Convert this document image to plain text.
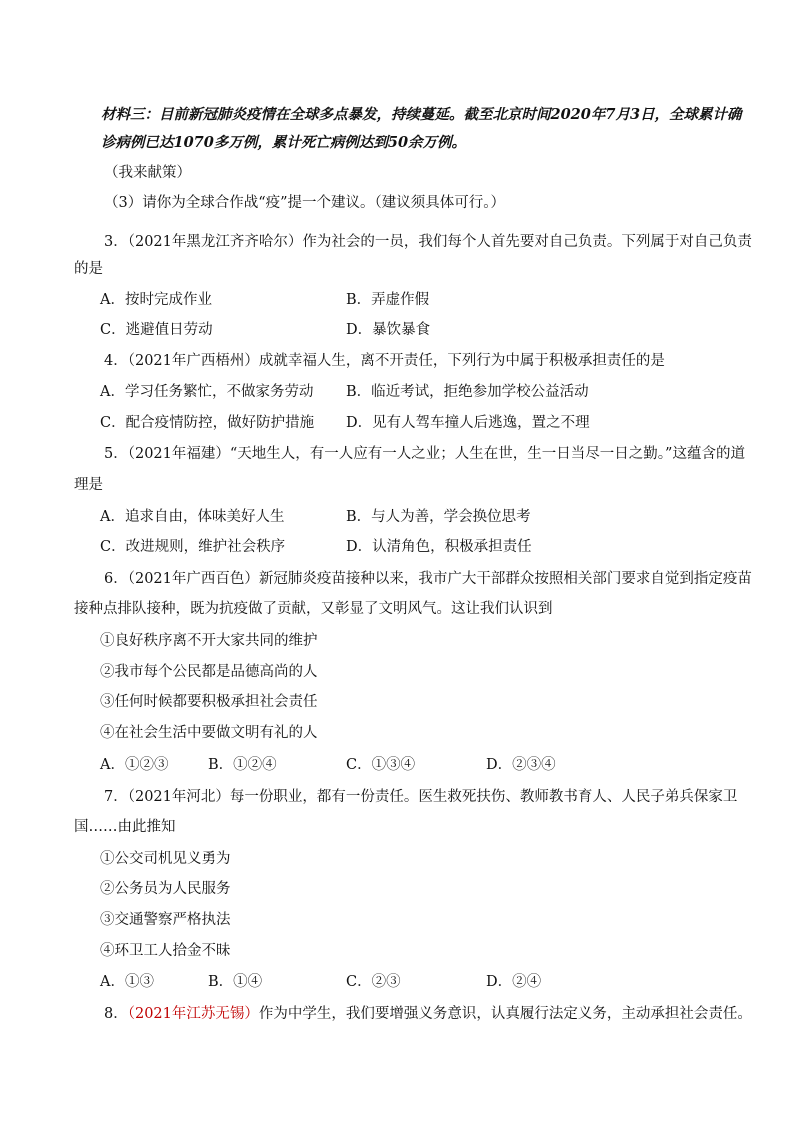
材料三：目前新冠肺炎疫情在全球多点暴发，持续蔓延。截至北京时间2020年7月3日，全球累计确
诊病例已达1070多万例，累计死亡病例达到50余万例。
（我来献策）
（3）请你为全球合作战“疫”提一个建议。（建议须具体可行。）
3．（2021年黑龙江齐齐哈尔）作为社会的一员，我们每个人首先要对自己负责。下列属于对自己负责
的是
A．按时完成作业	B．弄虚作假
C．逃避值日劳动	D．暴饮暴食
4．（2021年广西梧州）成就幸福人生，离不开责任，下列行为中属于积极承担责任的是
A．学习任务繁忙，不做家务劳动 B．临近考试，拒绝参加学校公益活动
C．配合疫情防控，做好防护措施 D．见有人驾车撞人后逃逸，置之不理
5．（2021年福建）“天地生人，有一人应有一人之业；人生在世，生一日当尽一日之勤。”这蕴含的道
理是
A．追求自由，体味美好人生	B．与人为善，学会换位思考
C．改进规则，维护社会秩序	D．认清角色，积极承担责任
6．（2021年广西百色）新冠肺炎疫苗接种以来，我市广大干部群众按照相关部门要求自觉到指定疫苗
接种点排队接种，既为抗疫做了贡献，又彰显了文明风气。这让我们认识到
①良好秩序离不开大家共同的维护
②我市每个公民都是品德高尚的人
③任何时候都要积极承担社会责任
④在社会生活中要做文明有礼的人
A．①②③	B．①②④	C．①③④	D．②③④
7．（2021年河北）每一份职业，都有一份责任。医生救死扶伤、教师教书育人、人民子弟兵保家卫
国……由此推知
①公交司机见义勇为
②公务员为人民服务
③交通警察严格执法
④环卫工人拾金不昧
A．①③	B．①④	C．②③	D．②④
8．（2021年江苏无锡）作为中学生，我们要增强义务意识，认真履行法定义务，主动承担社会责任。
